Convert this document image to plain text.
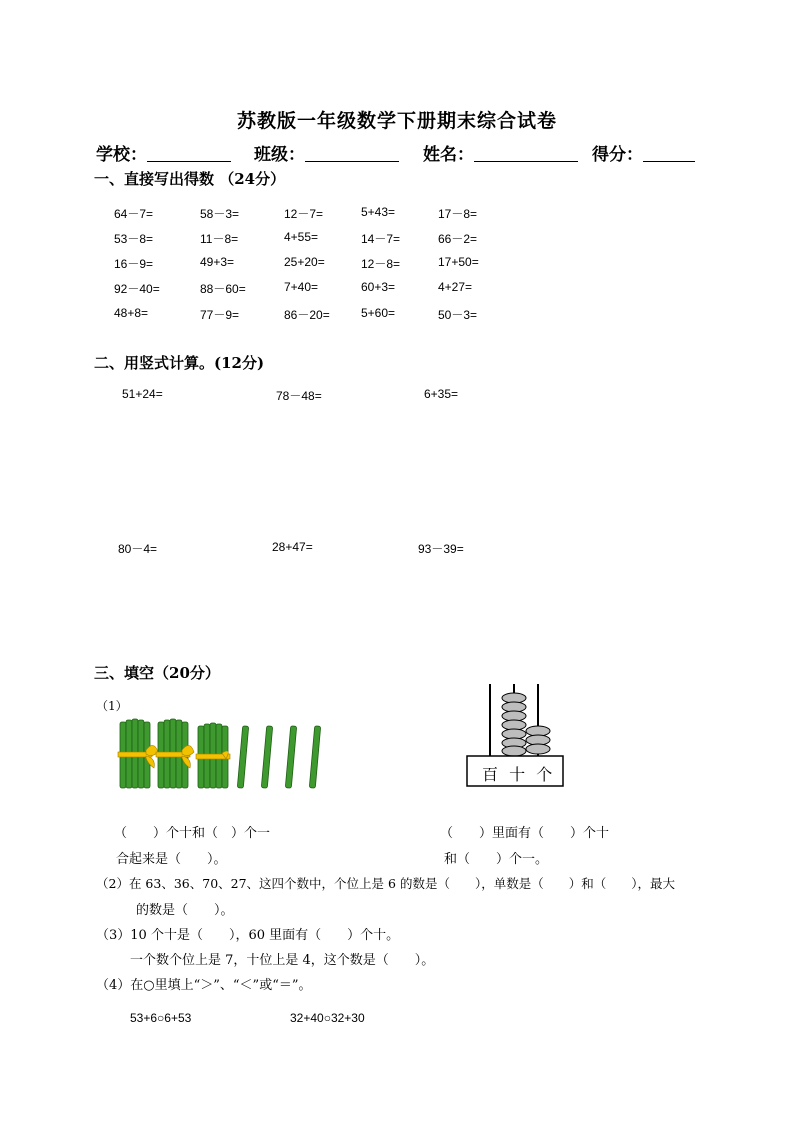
苏教版一年级数学下册期末综合试卷
学校：	班级：	姓名：	得分：
一、直接写出得数 （24分）
64－7=	58－3=	12－7=	5+43=	17－8=
53－8=	11－8=	4+55=	14－7=	66－2=
16－9=	49+3=	25+20=	12－8=	17+50=
92－40=	88－60=	7+40=	60+3=	4+27=
48+8=	77－9=	86－20=	5+60=	50－3=
二、用竖式计算。(12分)
51+24=	78－48=	6+35=
80－4=	28+47=	93－39=
三、填空（20分）
（1）
百 十 个
（　　）个十和（　）个一
合起来是（　　）。
（　　）里面有（　　）个十
和（　　）个一。
（2）在 63、36、70、27、这四个数中，个位上是 6 的数是（　　），单数是（　　）和（　　），最大
的数是（　　）。
（3）10 个十是（　　），60 里面有（　　）个十。
一个数个位上是 7，十位上是 4，这个数是（　　）。
（4）在○里填上“＞”、“＜”或“＝”。
53+6○6+53	32+40○32+30
